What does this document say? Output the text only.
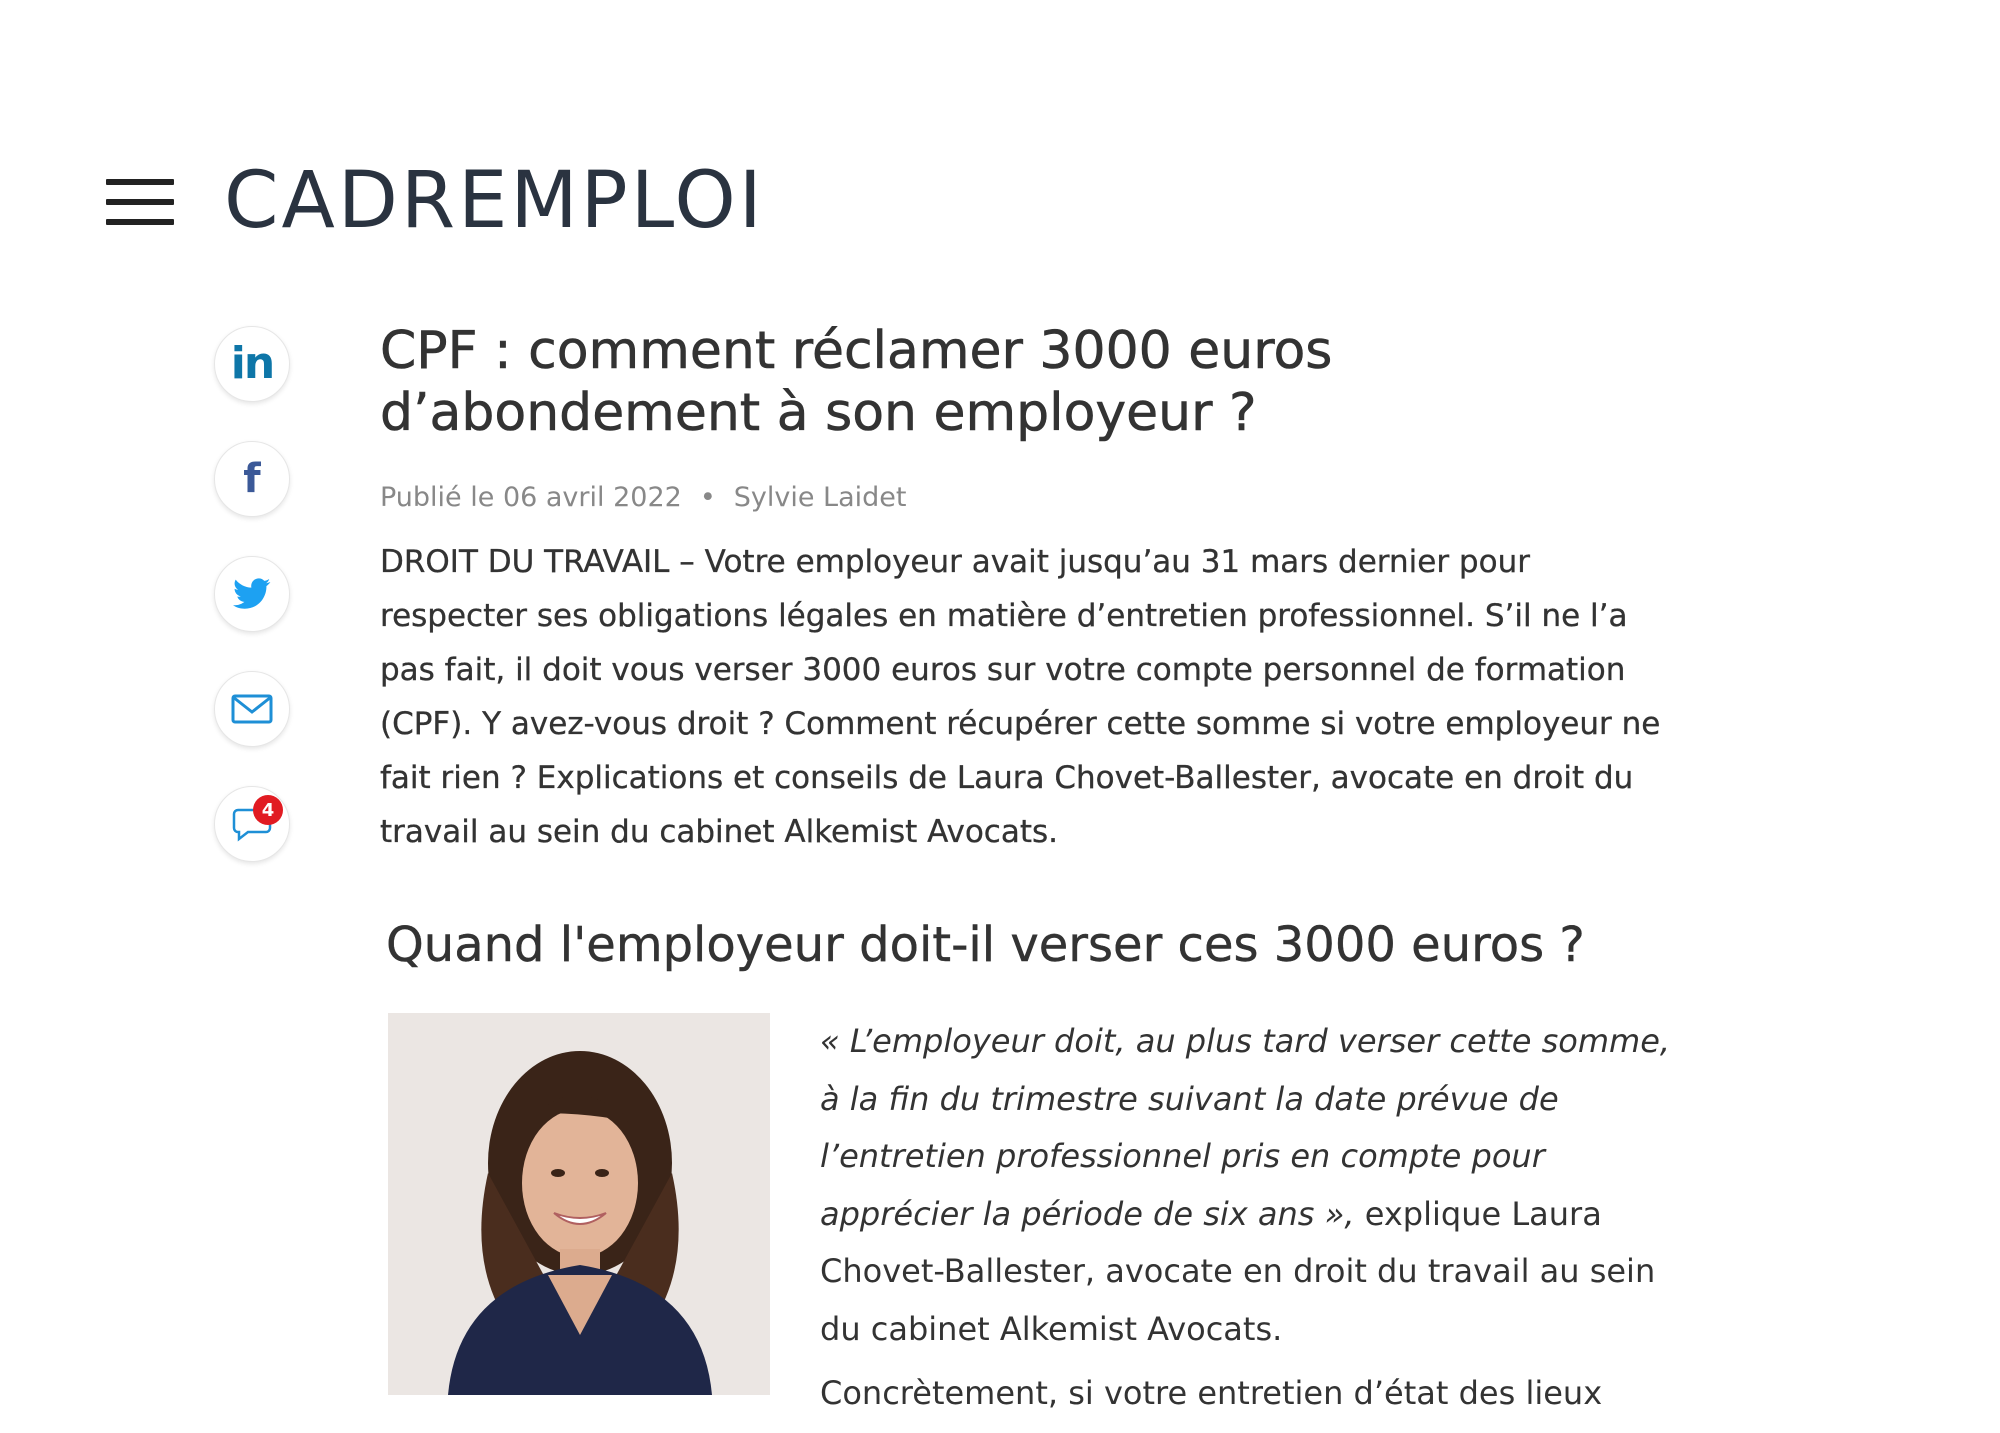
CADREMPLOI
in
f
4
CPF : comment réclamer 3000 euros
d’abondement à son employeur ?
Publié le 06 avril 2022 • Sylvie Laidet

DROIT DU TRAVAIL – Votre employeur avait jusqu’au 31 mars dernier pour respecter ses obligations légales en matière d’entretien professionnel. S’il ne l’a pas fait, il doit vous verser 3000 euros sur votre compte personnel de formation (CPF). Y avez-vous droit ? Comment récupérer cette somme si votre employeur ne fait rien ? Explications et conseils de Laura Chovet-Ballester, avocate en droit du travail au sein du cabinet Alkemist Avocats.

Quand l'employeur doit-il verser ces 3000 euros ?
« L’employeur doit, au plus tard verser cette somme, à la fin du trimestre suivant la date prévue de l’entretien professionnel pris en compte pour apprécier la période de six ans », explique Laura Chovet-Ballester, avocate en droit du travail au sein du cabinet Alkemist Avocats.
Concrètement, si votre entretien d’état des lieux
